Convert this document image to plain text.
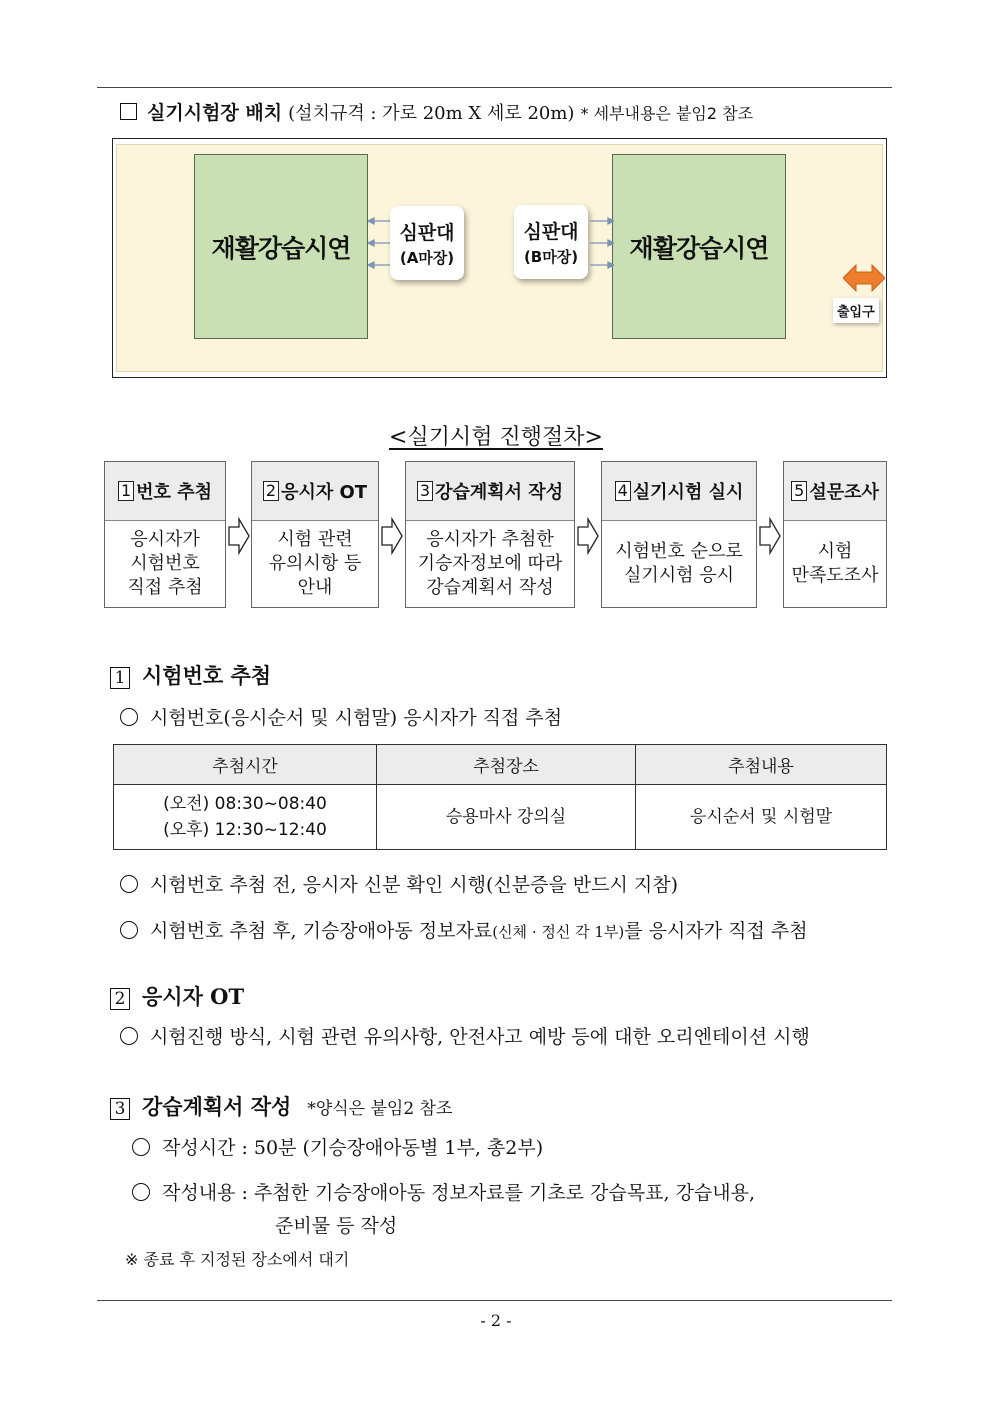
실기시험장 배치 (설치규격 : 가로 20m X 세로 20m) * 세부내용은 붙임2 참조
재활강습시연	재활강습시연
심판대
(A마장)
심판대
(B마장)
출입구
<실기시험 진행절차>
1 번호 추첨
응시자가
시험번호
직접 추첨
2 응시자 OT
시험 관련
유의시항 등
안내
3 강습계획서 작성
응시자가 추첨한
기승자정보에 따라
강습계획서 작성
4 실기시험 실시
시험번호 순으로
실기시험 응시
5 설문조사
시험
만족도조사
1 시험번호 추첨
시험번호(응시순서 및 시험말) 응시자가 직접 추첨
추첨시간	추첨장소	추첨내용

(오전) 08:30~08:40
(오후) 12:30~12:40	승용마사 강의실	응시순서 및 시험말
시험번호 추첨 전, 응시자 신분 확인 시행(신분증을 반드시 지참)
시험번호 추첨 후, 기승장애아동 정보자료(신체 · 정신 각 1부)를 응시자가 직접 추첨
2 응시자 OT
시험진행 방식, 시험 관련 유의사항, 안전사고 예방 등에 대한 오리엔테이션 시행
3 강습계획서 작성 *양식은 붙임2 참조
작성시간 : 50분 (기승장애아동별 1부, 총2부)
작성내용 : 추첨한 기승장애아동 정보자료를 기초로 강습목표, 강습내용,
준비물 등 작성
※ 종료 후 지정된 장소에서 대기
- 2 -
